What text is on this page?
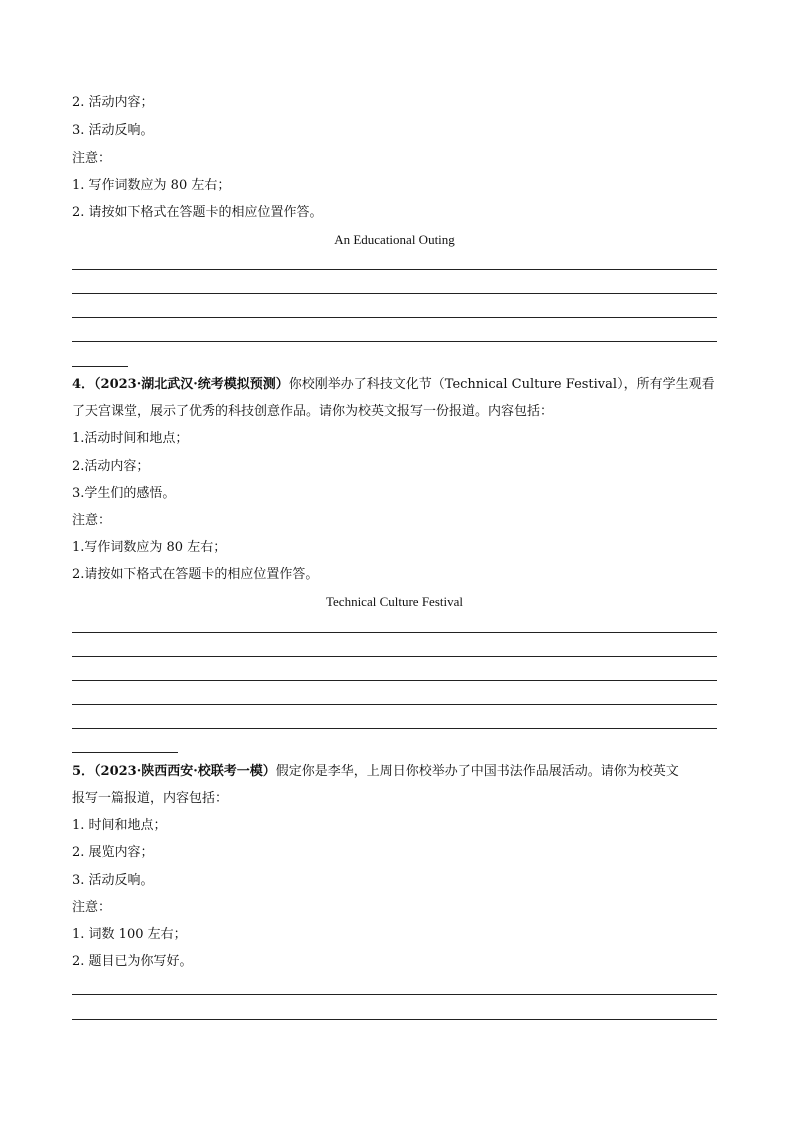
2. 活动内容；
3. 活动反响。
注意：
1. 写作词数应为 80 左右；
2. 请按如下格式在答题卡的相应位置作答。
An Educational Outing
4．（2023·湖北武汉·统考模拟预测）你校刚举办了科技文化节（Technical Culture Festival），所有学生观看
了天宫课堂，展示了优秀的科技创意作品。请你为校英文报写一份报道。内容包括：
1.活动时间和地点；
2.活动内容；
3.学生们的感悟。
注意：
1.写作词数应为 80 左右；
2.请按如下格式在答题卡的相应位置作答。
Technical Culture Festival
5．（2023·陕西西安·校联考一模）假定你是李华，上周日你校举办了中国书法作品展活动。请你为校英文
报写一篇报道，内容包括：
1. 时间和地点；
2. 展览内容；
3. 活动反响。
注意：
1. 词数 100 左右；
2. 题目已为你写好。
